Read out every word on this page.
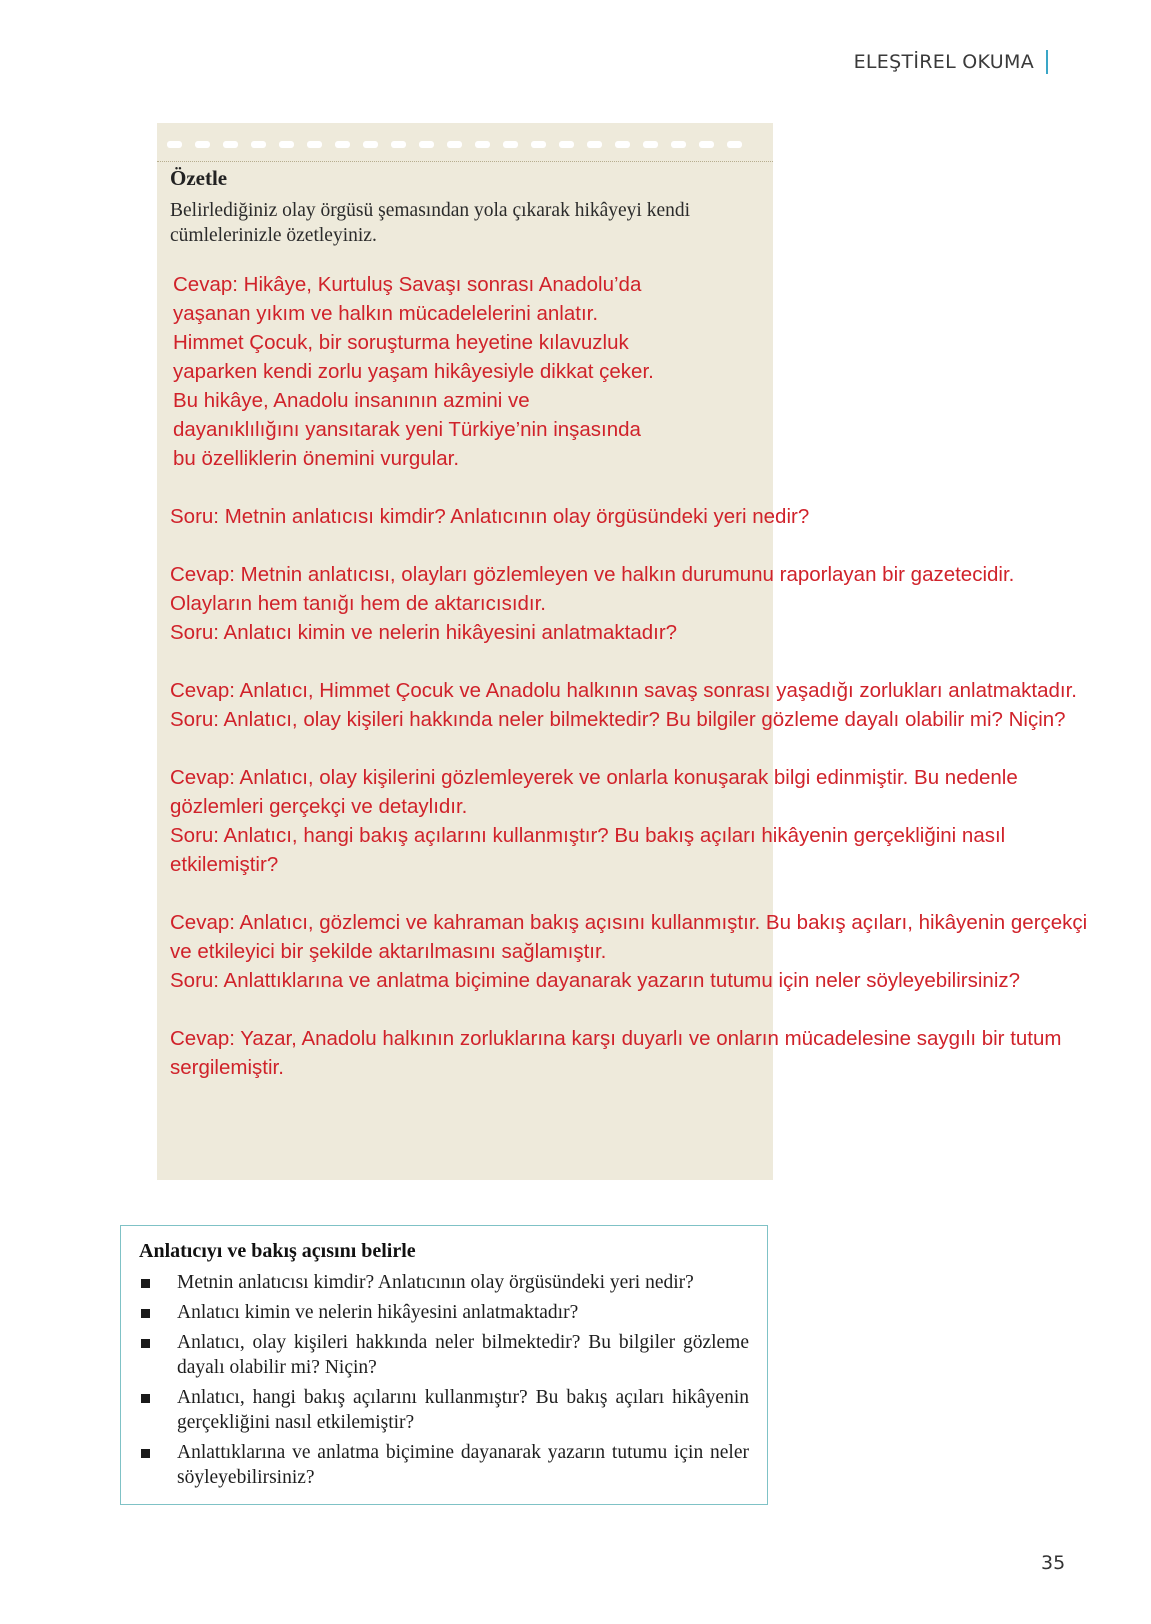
ELEŞTİREL OKUMA
Özetle
Belirlediğiniz olay örgüsü şemasından yola çıkarak hikâyeyi kendi
cümlelerinizle özetleyiniz.
Cevap: Hikâye, Kurtuluş Savaşı sonrası Anadolu’da
yaşanan yıkım ve halkın mücadelelerini anlatır.
Himmet Çocuk, bir soruşturma heyetine kılavuzluk
yaparken kendi zorlu yaşam hikâyesiyle dikkat çeker.
Bu hikâye, Anadolu insanının azmini ve
dayanıklılığını yansıtarak yeni Türkiye’nin inşasında
bu özelliklerin önemini vurgular.
Soru: Metnin anlatıcısı kimdir? Anlatıcının olay örgüsündeki yeri nedir?
Cevap: Metnin anlatıcısı, olayları gözlemleyen ve halkın durumunu raporlayan bir gazetecidir.
Olayların hem tanığı hem de aktarıcısıdır.
Soru: Anlatıcı kimin ve nelerin hikâyesini anlatmaktadır?
Cevap: Anlatıcı, Himmet Çocuk ve Anadolu halkının savaş sonrası yaşadığı zorlukları anlatmaktadır.
Soru: Anlatıcı, olay kişileri hakkında neler bilmektedir? Bu bilgiler gözleme dayalı olabilir mi? Niçin?
Cevap: Anlatıcı, olay kişilerini gözlemleyerek ve onlarla konuşarak bilgi edinmiştir. Bu nedenle
gözlemleri gerçekçi ve detaylıdır.
Soru: Anlatıcı, hangi bakış açılarını kullanmıştır? Bu bakış açıları hikâyenin gerçekliğini nasıl
etkilemiştir?
Cevap: Anlatıcı, gözlemci ve kahraman bakış açısını kullanmıştır. Bu bakış açıları, hikâyenin gerçekçi
ve etkileyici bir şekilde aktarılmasını sağlamıştır.
Soru: Anlattıklarına ve anlatma biçimine dayanarak yazarın tutumu için neler söyleyebilirsiniz?
Cevap: Yazar, Anadolu halkının zorluklarına karşı duyarlı ve onların mücadelesine saygılı bir tutum
sergilemiştir.
Anlatıcıyı ve bakış açısını belirle
Metnin anlatıcısı kimdir? Anlatıcının olay örgüsündeki yeri nedir?
Anlatıcı kimin ve nelerin hikâyesini anlatmaktadır?
Anlatıcı, olay kişileri hakkında neler bilmektedir? Bu bilgiler gözleme dayalı olabilir mi? Niçin?
Anlatıcı, hangi bakış açılarını kullanmıştır? Bu bakış açıları hikâyenin gerçekliğini nasıl etkilemiştir?
Anlattıklarına ve anlatma biçimine dayanarak yazarın tutumu için neler söyleyebilirsiniz?
35
